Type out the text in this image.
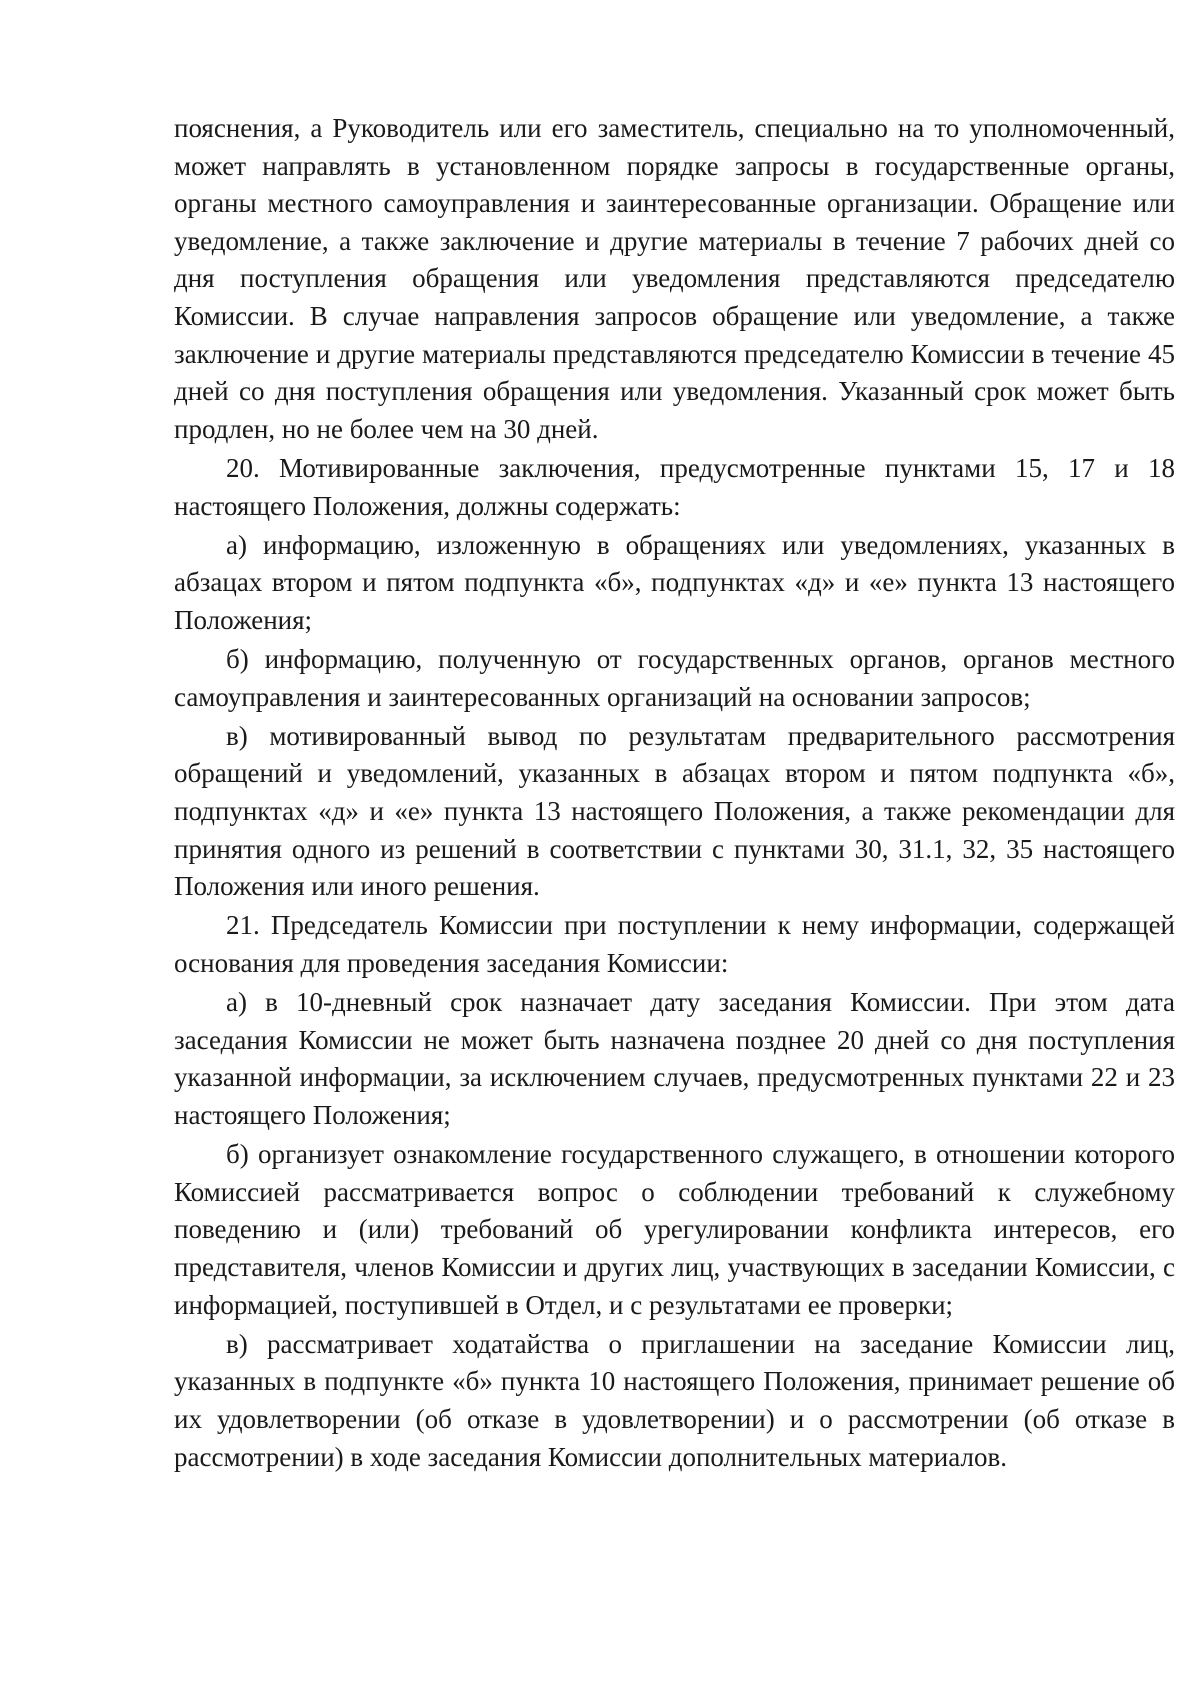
пояснения, а Руководитель или его заместитель, специально на то уполномоченный, может направлять в установленном порядке запросы в государственные органы, органы местного самоуправления и заинтересованные организации. Обращение или уведомление, а также заключение и другие материалы в течение 7 рабочих дней со дня поступления обращения или уведомления представляются председателю Комиссии. В случае направления запросов обращение или уведомление, а также заключение и другие материалы представляются председателю Комиссии в течение 45 дней со дня поступления обращения или уведомления. Указанный срок может быть продлен, но не более чем на 30 дней.

20. Мотивированные заключения, предусмотренные пунктами 15, 17 и 18 настоящего Положения, должны содержать:

а) информацию, изложенную в обращениях или уведомлениях, указанных в абзацах втором и пятом подпункта «б», подпунктах «д» и «е» пункта 13 настоящего Положения;

б) информацию, полученную от государственных органов, органов местного самоуправления и заинтересованных организаций на основании запросов;

в) мотивированный вывод по результатам предварительного рассмотрения обращений и уведомлений, указанных в абзацах втором и пятом подпункта «б», подпунктах «д» и «е» пункта 13 настоящего Положения, а также рекомендации для принятия одного из решений в соответствии с пунктами 30, 31.1, 32, 35 настоящего Положения или иного решения.

21. Председатель Комиссии при поступлении к нему информации, содержащей основания для проведения заседания Комиссии:

а) в 10-дневный срок назначает дату заседания Комиссии. При этом дата заседания Комиссии не может быть назначена позднее 20 дней со дня поступления указанной информации, за исключением случаев, предусмотренных пунктами 22 и 23 настоящего Положения;

б) организует ознакомление государственного служащего, в отношении которого Комиссией рассматривается вопрос о соблюдении требований к служебному поведению и (или) требований об урегулировании конфликта интересов, его представителя, членов Комиссии и других лиц, участвующих в заседании Комиссии, с информацией, поступившей в Отдел, и с результатами ее проверки;

в) рассматривает ходатайства о приглашении на заседание Комиссии лиц, указанных в подпункте «б» пункта 10 настоящего Положения, принимает решение об их удовлетворении (об отказе в удовлетворении) и о рассмотрении (об отказе в рассмотрении) в ходе заседания Комиссии дополнительных материалов.
